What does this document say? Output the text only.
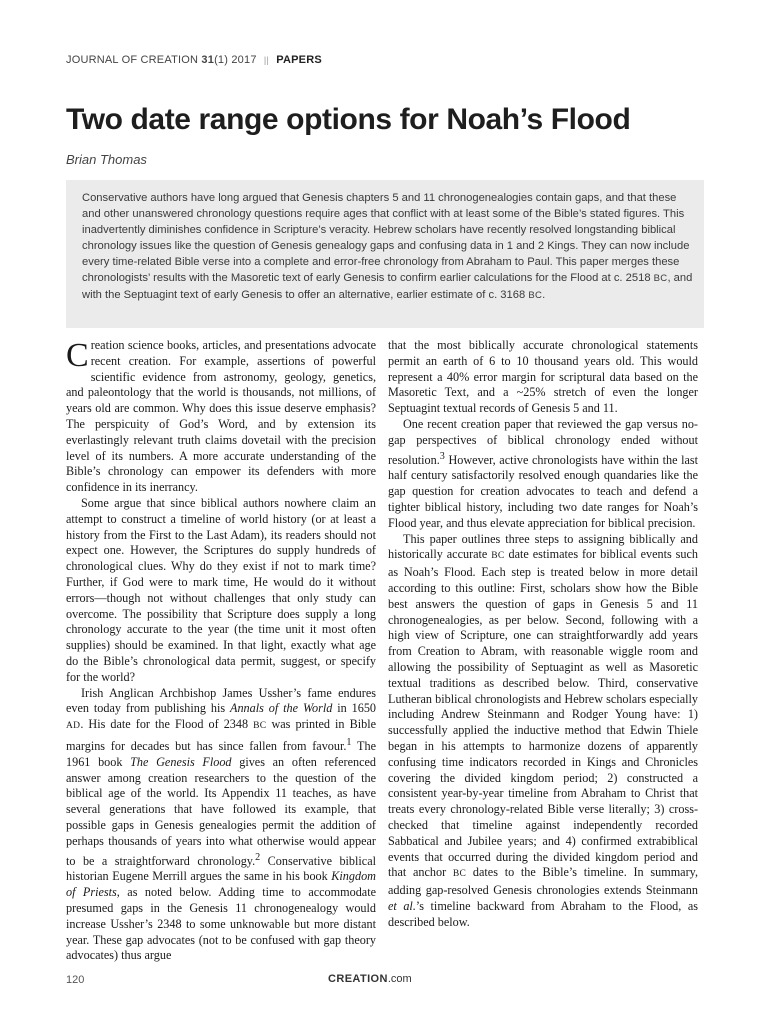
JOURNAL OF CREATION 31(1) 2017 || PAPERS
Two date range options for Noah’s Flood
Brian Thomas

Conservative authors have long argued that Genesis chapters 5 and 11 chronogenealogies contain gaps, and that these and other unanswered chronology questions require ages that conflict with at least some of the Bible’s stated figures. This inadvertently diminishes confidence in Scripture’s veracity. Hebrew scholars have recently resolved longstanding biblical chronology issues like the question of Genesis genealogy gaps and confusing data in 1 and 2 Kings. They can now include every time-related Bible verse into a complete and error-free chronology from Abraham to Paul. This paper merges these chronologists’ results with the Masoretic text of early Genesis to confirm earlier calculations for the Flood at c. 2518 BC, and with the Septuagint text of early Genesis to offer an alternative, earlier estimate of c. 3168 BC.

Creation science books, articles, and presentations advocate recent creation. For example, assertions of powerful scientific evidence from astronomy, geology, genetics, and paleontology that the world is thousands, not millions, of years old are common. Why does this issue deserve emphasis? The perspicuity of God’s Word, and by extension its everlastingly relevant truth claims dovetail with the precision level of its numbers. A more accurate understanding of the Bible’s chronology can empower its defenders with more confidence in its inerrancy.

Some argue that since biblical authors nowhere claim an attempt to construct a timeline of world history (or at least a history from the First to the Last Adam), its readers should not expect one. However, the Scriptures do supply hundreds of chronological clues. Why do they exist if not to mark time? Further, if God were to mark time, He would do it without errors—though not without challenges that only study can overcome. The possibility that Scripture does supply a long chronology accurate to the year (the time unit it most often supplies) should be examined. In that light, exactly what age do the Bible’s chronological data permit, suggest, or specify for the world?

Irish Anglican Archbishop James Ussher’s fame endures even today from publishing his Annals of the World in 1650 AD. His date for the Flood of 2348 BC was printed in Bible margins for decades but has since fallen from favour.$^1$ The 1961 book The Genesis Flood gives an often referenced answer among creation researchers to the question of the biblical age of the world. Its Appendix 11 teaches, as have several generations that have followed its example, that possible gaps in Genesis genealogies permit the addition of perhaps thousands of years into what otherwise would appear to be a straightforward chronology.$^2$ Conservative biblical historian Eugene Merrill argues the same in his book Kingdom of Priests, as noted below. Adding time to accommodate presumed gaps in the Genesis 11 chronogenealogy would increase Ussher’s 2348 to some unknowable but more distant year. These gap advocates (not to be confused with gap theory advocates) thus argue

that the most biblically accurate chronological statements permit an earth of 6 to 10 thousand years old. This would represent a 40% error margin for scriptural data based on the Masoretic Text, and a ~25% stretch of even the longer Septuagint textual records of Genesis 5 and 11.

One recent creation paper that reviewed the gap versus no-gap perspectives of biblical chronology ended without resolution.$^3$ However, active chronologists have within the last half century satisfactorily resolved enough quandaries like the gap question for creation advocates to teach and defend a tighter biblical history, including two date ranges for Noah’s Flood year, and thus elevate appreciation for biblical precision.

This paper outlines three steps to assigning biblically and historically accurate BC date estimates for biblical events such as Noah’s Flood. Each step is treated below in more detail according to this outline: First, scholars show how the Bible best answers the question of gaps in Genesis 5 and 11 chronogenealogies, as per below. Second, following with a high view of Scripture, one can straightforwardly add years from Creation to Abram, with reasonable wiggle room and allowing the possibility of Septuagint as well as Masoretic textual traditions as described below. Third, conservative Lutheran biblical chronologists and Hebrew scholars especially including Andrew Steinmann and Rodger Young have: 1) successfully applied the inductive method that Edwin Thiele began in his attempts to harmonize dozens of apparently confusing time indicators recorded in Kings and Chronicles covering the divided kingdom period; 2) constructed a consistent year-by-year timeline from Abraham to Christ that treats every chronology-related Bible verse literally; 3) cross-checked that timeline against independently recorded Sabbatical and Jubilee years; and 4) confirmed extrabiblical events that occurred during the divided kingdom period and that anchor BC dates to the Bible’s timeline. In summary, adding gap-resolved Genesis chronologies extends Steinmann et al.’s timeline backward from Abraham to the Flood, as described below.

120	CREATION.com
